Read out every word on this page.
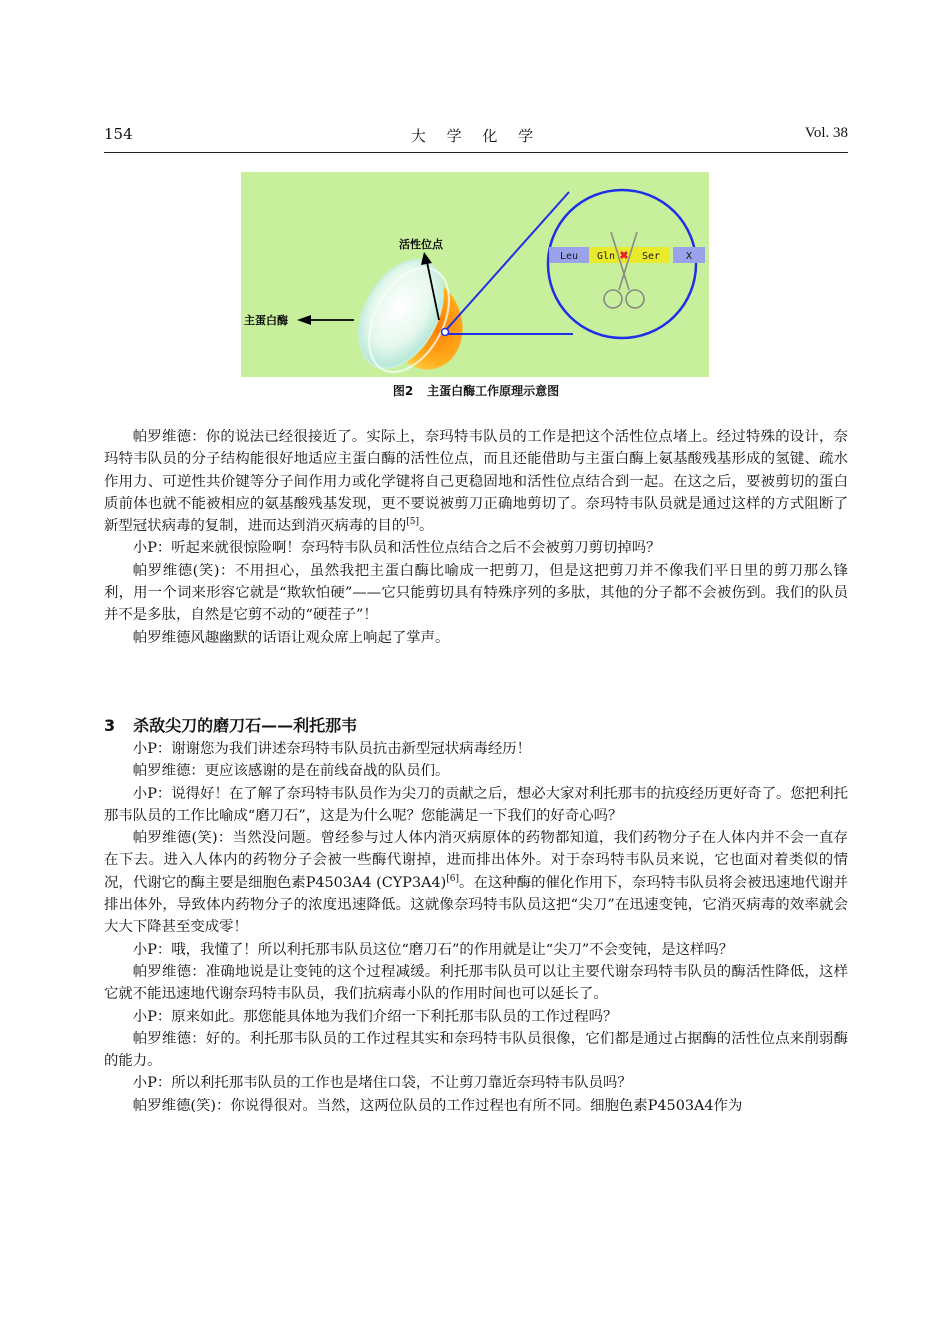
154	大 学 化 学	Vol. 38
活性位点
主蛋白酶
Leu Gln	Ser	X
✖
图2 主蛋白酶工作原理示意图

帕罗维德：你的说法已经很接近了。实际上，奈玛特韦队员的工作是把这个活性位点堵上。经过特殊的设计，奈玛特韦队员的分子结构能很好地适应主蛋白酶的活性位点，而且还能借助与主蛋白酶上氨基酸残基形成的氢键、疏水作用力、可逆性共价键等分子间作用力或化学键将自己更稳固地和活性位点结合到一起。在这之后，要被剪切的蛋白质前体也就不能被相应的氨基酸残基发现，更不要说被剪刀正确地剪切了。奈玛特韦队员就是通过这样的方式阻断了新型冠状病毒的复制，进而达到消灭病毒的目的[5]。

小P：听起来就很惊险啊！奈玛特韦队员和活性位点结合之后不会被剪刀剪切掉吗？

帕罗维德(笑)：不用担心，虽然我把主蛋白酶比喻成一把剪刀，但是这把剪刀并不像我们平日里的剪刀那么锋利，用一个词来形容它就是“欺软怕硬”——它只能剪切具有特殊序列的多肽，其他的分子都不会被伤到。我们的队员并不是多肽，自然是它剪不动的“硬茬子”！

帕罗维德风趣幽默的话语让观众席上响起了掌声。

3 杀敌尖刀的磨刀石——利托那韦

小P：谢谢您为我们讲述奈玛特韦队员抗击新型冠状病毒经历！

帕罗维德：更应该感谢的是在前线奋战的队员们。

小P：说得好！在了解了奈玛特韦队员作为尖刀的贡献之后，想必大家对利托那韦的抗疫经历更好奇了。您把利托那韦队员的工作比喻成“磨刀石”，这是为什么呢？您能满足一下我们的好奇心吗？

帕罗维德(笑)：当然没问题。曾经参与过人体内消灭病原体的药物都知道，我们药物分子在人体内并不会一直存在下去。进入人体内的药物分子会被一些酶代谢掉，进而排出体外。对于奈玛特韦队员来说，它也面对着类似的情况，代谢它的酶主要是细胞色素P4503A4 (CYP3A4)[6]。在这种酶的催化作用下，奈玛特韦队员将会被迅速地代谢并排出体外，导致体内药物分子的浓度迅速降低。这就像奈玛特韦队员这把“尖刀”在迅速变钝，它消灭病毒的效率就会大大下降甚至变成零！

小P：哦，我懂了！所以利托那韦队员这位“磨刀石”的作用就是让“尖刀”不会变钝，是这样吗？

帕罗维德：准确地说是让变钝的这个过程减缓。利托那韦队员可以让主要代谢奈玛特韦队员的酶活性降低，这样它就不能迅速地代谢奈玛特韦队员，我们抗病毒小队的作用时间也可以延长了。

小P：原来如此。那您能具体地为我们介绍一下利托那韦队员的工作过程吗？

帕罗维德：好的。利托那韦队员的工作过程其实和奈玛特韦队员很像，它们都是通过占据酶的活性位点来削弱酶的能力。

小P：所以利托那韦队员的工作也是堵住口袋，不让剪刀靠近奈玛特韦队员吗？

帕罗维德(笑)：你说得很对。当然，这两位队员的工作过程也有所不同。细胞色素P4503A4作为
